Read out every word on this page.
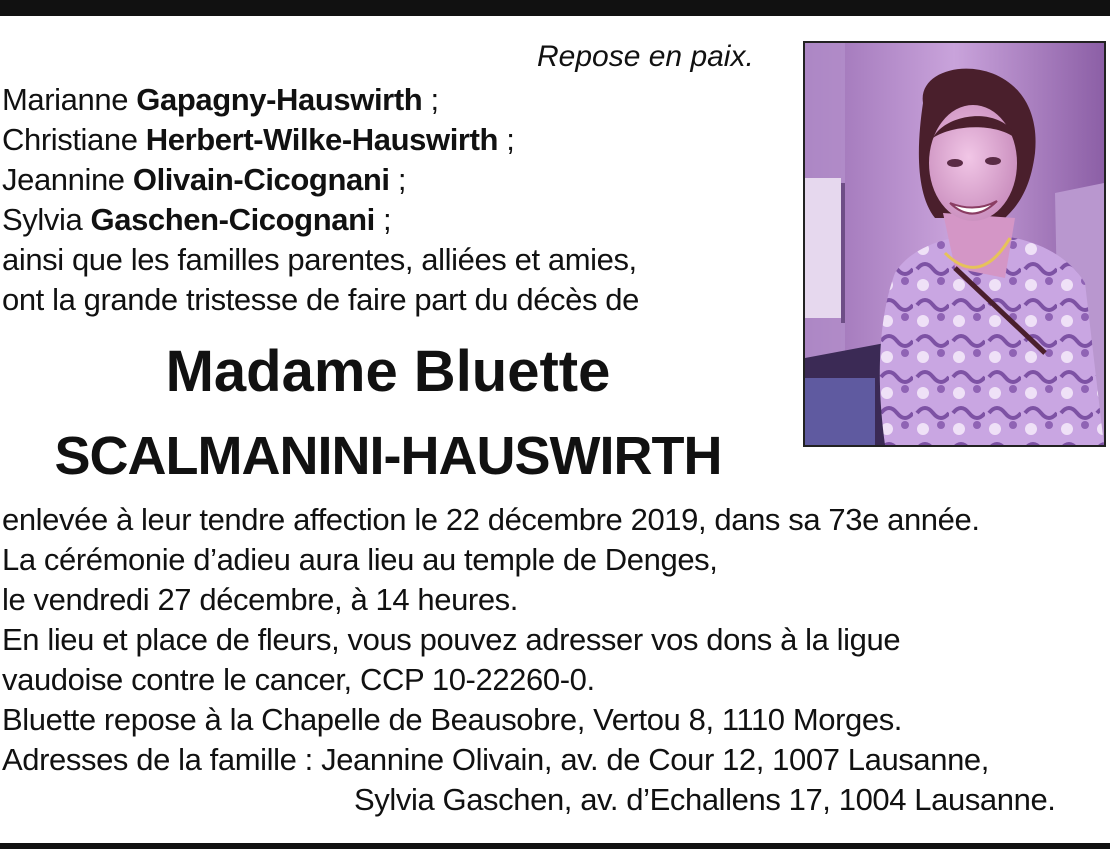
Repose en paix.
Marianne Gapagny-Hauswirth ;
Christiane Herbert-Wilke-Hauswirth ;
Jeannine Olivain-Cicognani ;
Sylvia Gaschen-Cicognani ;
ainsi que les familles parentes, alliées et amies,
ont la grande tristesse de faire part du décès de
Madame Bluette
SCALMANINI-HAUSWIRTH
enlevée à leur tendre affection le 22 décembre 2019, dans sa 73e année.
La cérémonie d’adieu aura lieu au temple de Denges,
le vendredi 27 décembre, à 14 heures.
En lieu et place de fleurs, vous pouvez adresser vos dons à la ligue
vaudoise contre le cancer, CCP 10-22260-0.
Bluette repose à la Chapelle de Beausobre, Vertou 8, 1110 Morges.
Adresses de la famille : Jeannine Olivain, av. de Cour 12, 1007 Lausanne,
Sylvia Gaschen, av. d’Echallens 17, 1004 Lausanne.
